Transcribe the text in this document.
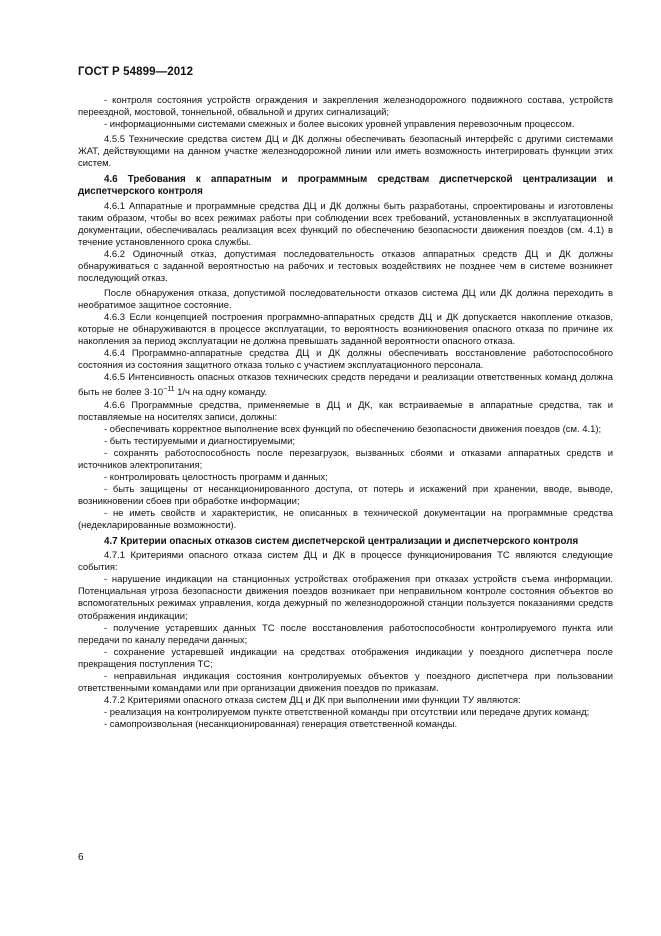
ГОСТ Р 54899—2012

- контроля состояния устройств ограждения и закрепления железнодорожного подвижного состава, устройств переездной, мостовой, тоннельной, обвальной и других сигнализаций;

- информационными системами смежных и более высоких уровней управления перевозочным процессом.

4.5.5 Технические средства систем ДЦ и ДК должны обеспечивать безопасный интерфейс с другими системами ЖАТ, действующими на данном участке железнодорожной линии или иметь возможность интегрировать функции этих систем.

4.6 Требования к аппаратным и программным средствам диспетчерской централизации и диспетчерского контроля

4.6.1 Аппаратные и программные средства ДЦ и ДК должны быть разработаны, спроектированы и изготовлены таким образом, чтобы во всех режимах работы при соблюдении всех требований, установленных в эксплуатационной документации, обеспечивалась реализация всех функций по обеспечению безопасности движения поездов (см. 4.1) в течение установленного срока службы.

4.6.2 Одиночный отказ, допустимая последовательность отказов аппаратных средств ДЦ и ДК должны обнаруживаться с заданной вероятностью на рабочих и тестовых воздействиях не позднее чем в системе возникнет последующий отказ.

После обнаружения отказа, допустимой последовательности отказов система ДЦ или ДК должна переходить в необратимое защитное состояние.

4.6.3 Если концепцией построения программно-аппаратных средств ДЦ и ДК допускается накопление отказов, которые не обнаруживаются в процессе эксплуатации, то вероятность возникновения опасного отказа по причине их накопления за период эксплуатации не должна превышать заданной вероятности опасного отказа.

4.6.4 Программно-аппаратные средства ДЦ и ДК должны обеспечивать восстановление работоспособного состояния из состояния защитного отказа только с участием эксплуатационного персонала.

4.6.5 Интенсивность опасных отказов технических средств передачи и реализации ответственных команд должна быть не более $3\cdot 10^{-11}$ 1/ч на одну команду.

4.6.6 Программные средства, применяемые в ДЦ и ДК, как встраиваемые в аппаратные средства, так и поставляемые на носителях записи, должны:

- обеспечивать корректное выполнение всех функций по обеспечению безопасности движения поездов (см. 4.1);

- быть тестируемыми и диагностируемыми;

- сохранять работоспособность после перезагрузок, вызванных сбоями и отказами аппаратных средств и источников электропитания;

- контролировать целостность программ и данных;

- быть защищены от несанкционированного доступа, от потерь и искажений при хранении, вводе, выводе, возникновении сбоев при обработке информации;

- не иметь свойств и характеристик, не описанных в технической документации на программные средства (недекларированные возможности).

4.7 Критерии опасных отказов систем диспетчерской централизации и диспетчерского контроля

4.7.1 Критериями опасного отказа систем ДЦ и ДК в процессе функционирования ТС являются следующие события:

- нарушение индикации на станционных устройствах отображения при отказах устройств съема информации. Потенциальная угроза безопасности движения поездов возникает при неправильном контроле состояния объектов во вспомогательных режимах управления, когда дежурный по железнодорожной станции пользуется показаниями средств отображения индикации;

- получение устаревших данных ТС после восстановления работоспособности контролируемого пункта или передачи по каналу передачи данных;

- сохранение устаревшей индикации на средствах отображения индикации у поездного диспетчера после прекращения поступления ТС;

- неправильная индикация состояния контролируемых объектов у поездного диспетчера при пользовании ответственными командами или при организации движения поездов по приказам.

4.7.2 Критериями опасного отказа систем ДЦ и ДК при выполнении ими функции ТУ являются:

- реализация на контролируемом пункте ответственной команды при отсутствии или передаче других команд;

- самопроизвольная (несанкционированная) генерация ответственной команды.

6
